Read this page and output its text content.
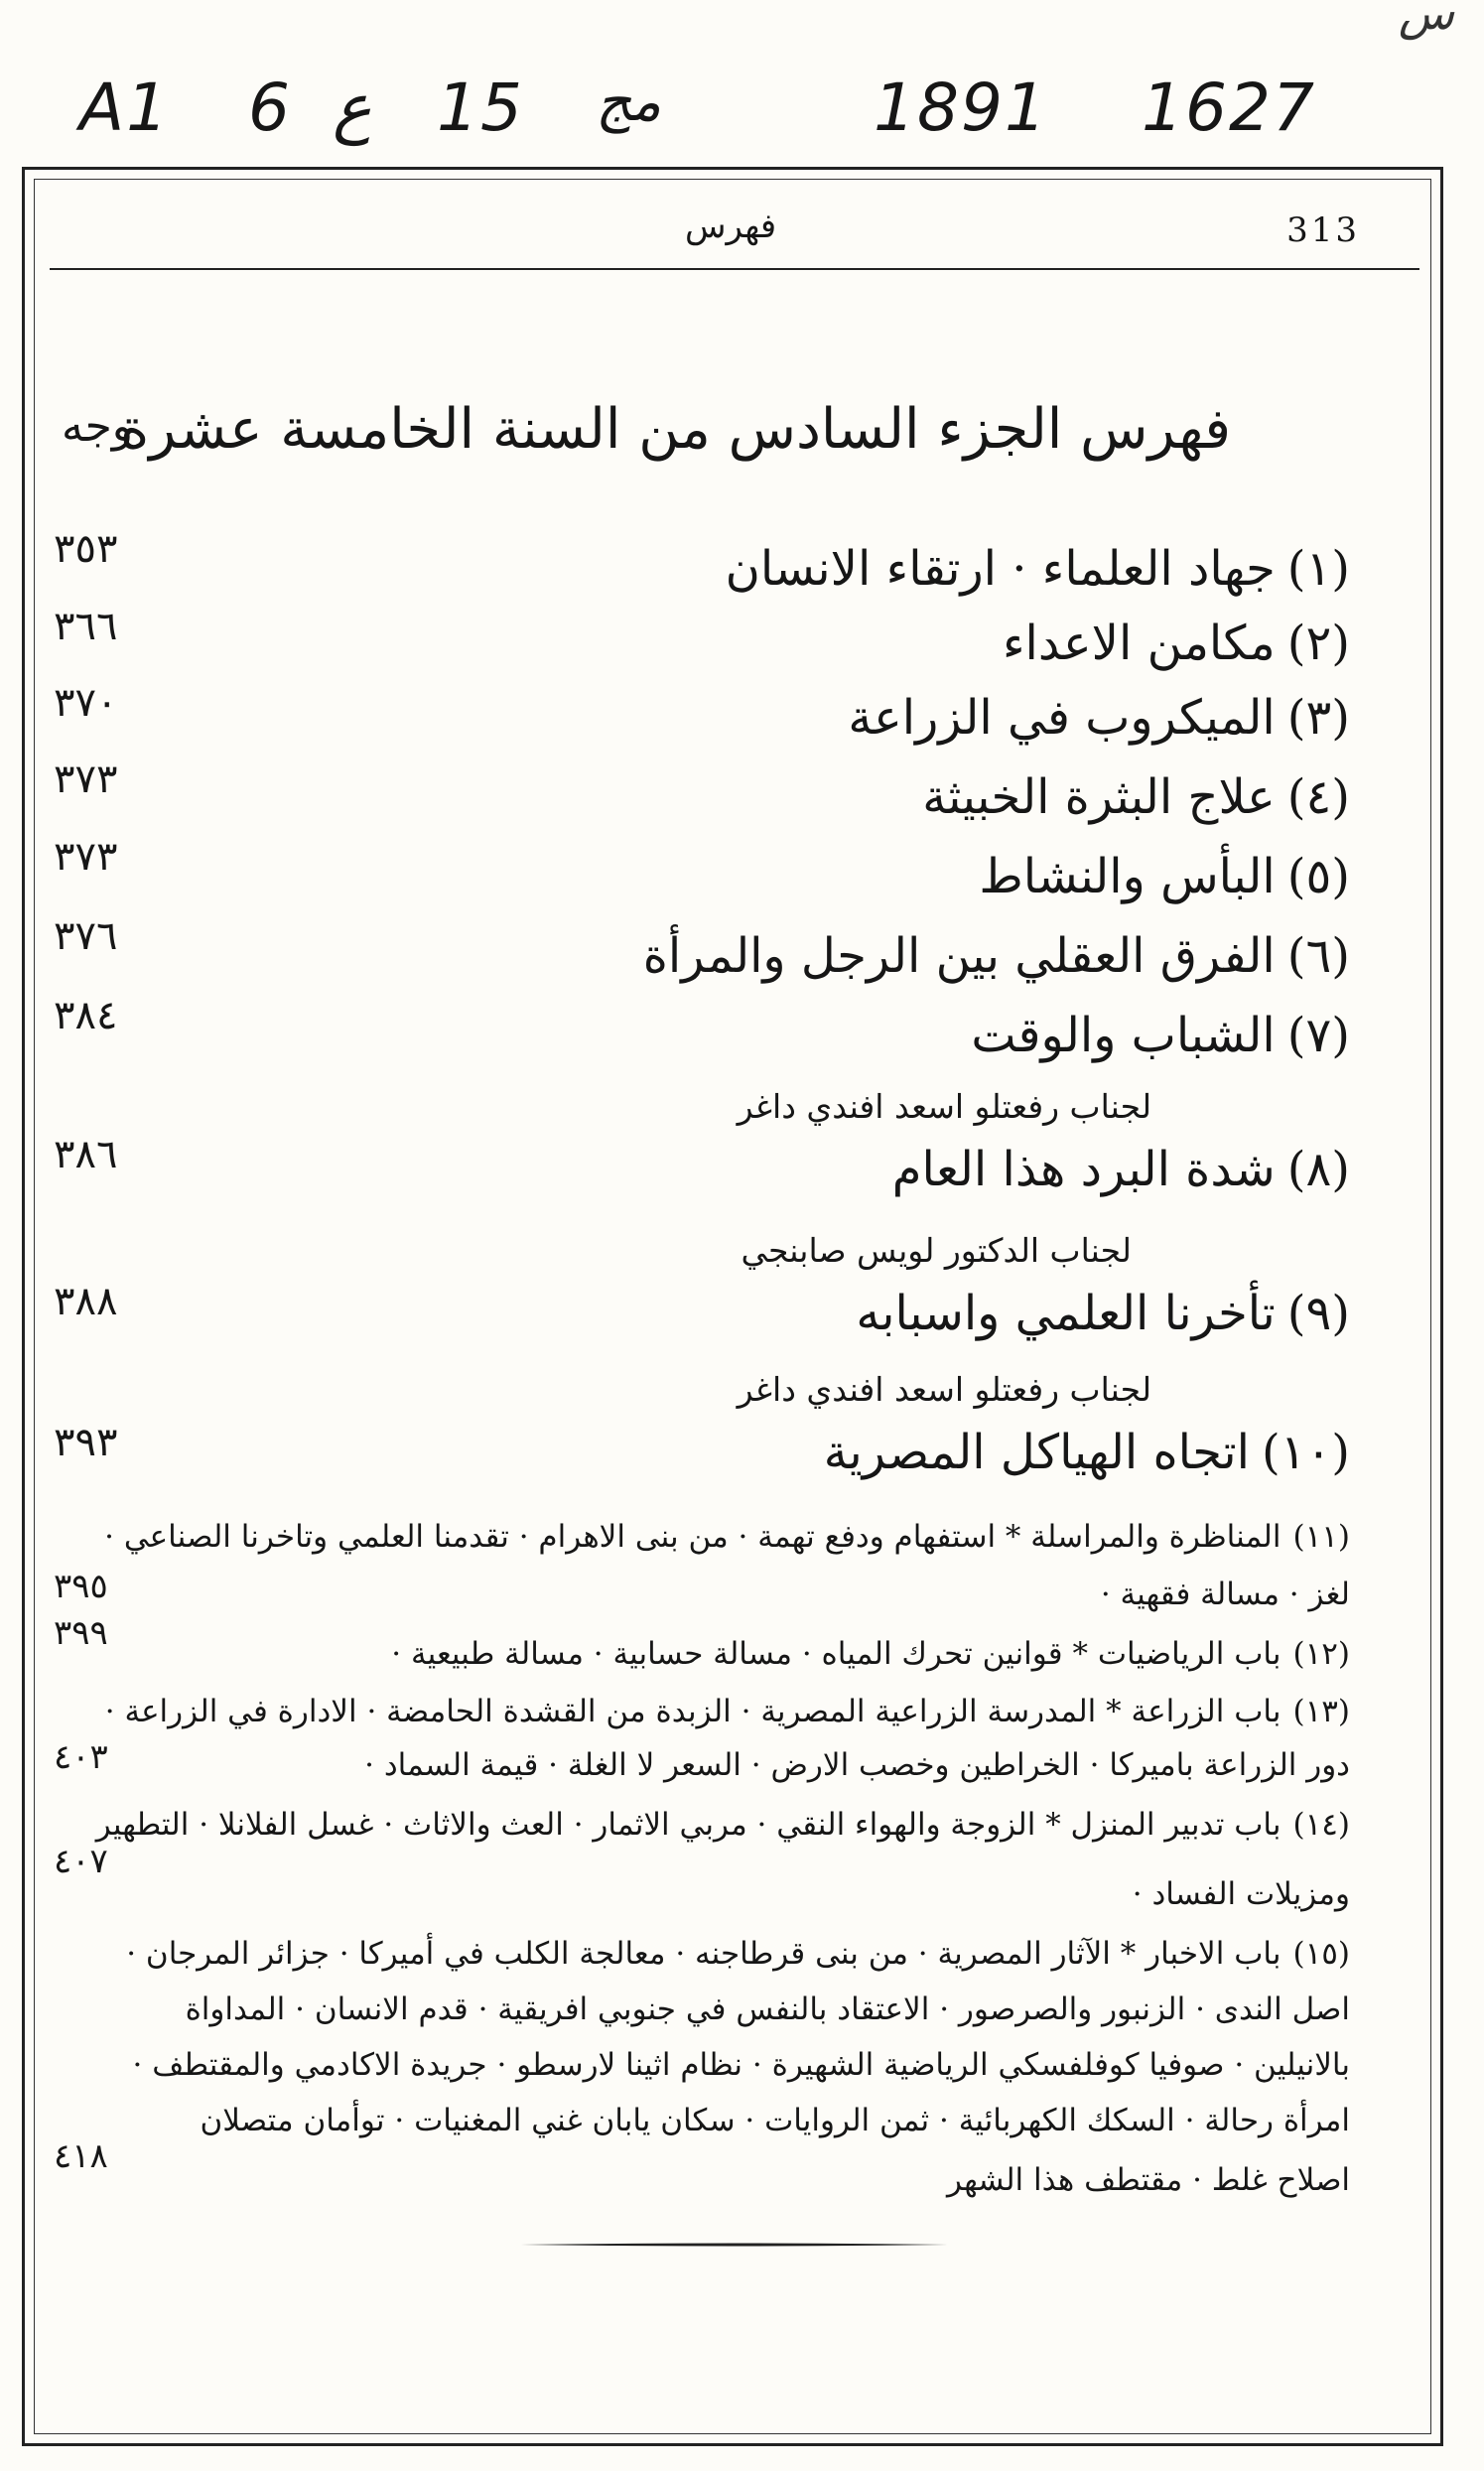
س
A1 6 ع 15 مج	1891 1627
فهرس	313
فهرس الجزء السادس من السنة الخامسة عشرة
وجه
(١)جهاد العلماء · ارتقاء الانسان
٣٥٣
(٢)مكامن الاعداء
٣٦٦
(٣)الميكروب في الزراعة
٣٧٠
(٤)علاج البثرة الخبيثة
٣٧٣
(٥)البأس والنشاط
٣٧٣
(٦)الفرق العقلي بين الرجل والمرأة
٣٧٦
(٧)الشباب والوقت
٣٨٤
لجناب رفعتلو اسعد افندي داغر
(٨)شدة البرد هذا العام
٣٨٦
لجناب الدكتور لويس صابنجي
(٩)تأخرنا العلمي واسبابه
٣٨٨
لجناب رفعتلو اسعد افندي داغر
(١٠)اتجاه الهياكل المصرية
٣٩٣
(١١)المناظرة والمراسلة * استفهام ودفع تهمة · من بنى الاهرام · تقدمنا العلمي وتاخرنا الصناعي ·
لغز · مسالة فقهية ·
٣٩٥
(١٢)باب الرياضيات * قوانين تحرك المياه · مسالة حسابية · مسالة طبيعية ·
٣٩٩
(١٣)باب الزراعة * المدرسة الزراعية المصرية · الزبدة من القشدة الحامضة · الادارة في الزراعة ·
دور الزراعة باميركا · الخراطين وخصب الارض · السعر لا الغلة · قيمة السماد ·
٤٠٣
(١٤)باب تدبير المنزل * الزوجة والهواء النقي · مربي الاثمار · العث والاثاث · غسل الفلانلا · التطهير
ومزيلات الفساد ·
٤٠٧
(١٥)باب الاخبار * الآثار المصرية · من بنى قرطاجنه · معالجة الكلب في أميركا · جزائر المرجان ·
اصل الندى · الزنبور والصرصور · الاعتقاد بالنفس في جنوبي افريقية · قدم الانسان · المداواة
بالانيلين · صوفيا كوفلفسكي الرياضية الشهيرة · نظام اثينا لارسطو · جريدة الاكادمي والمقتطف ·
امرأة رحالة · السكك الكهربائية · ثمن الروايات · سكان يابان غني المغنيات · توأمان متصلان
اصلاح غلط · مقتطف هذا الشهر
٤١٨
